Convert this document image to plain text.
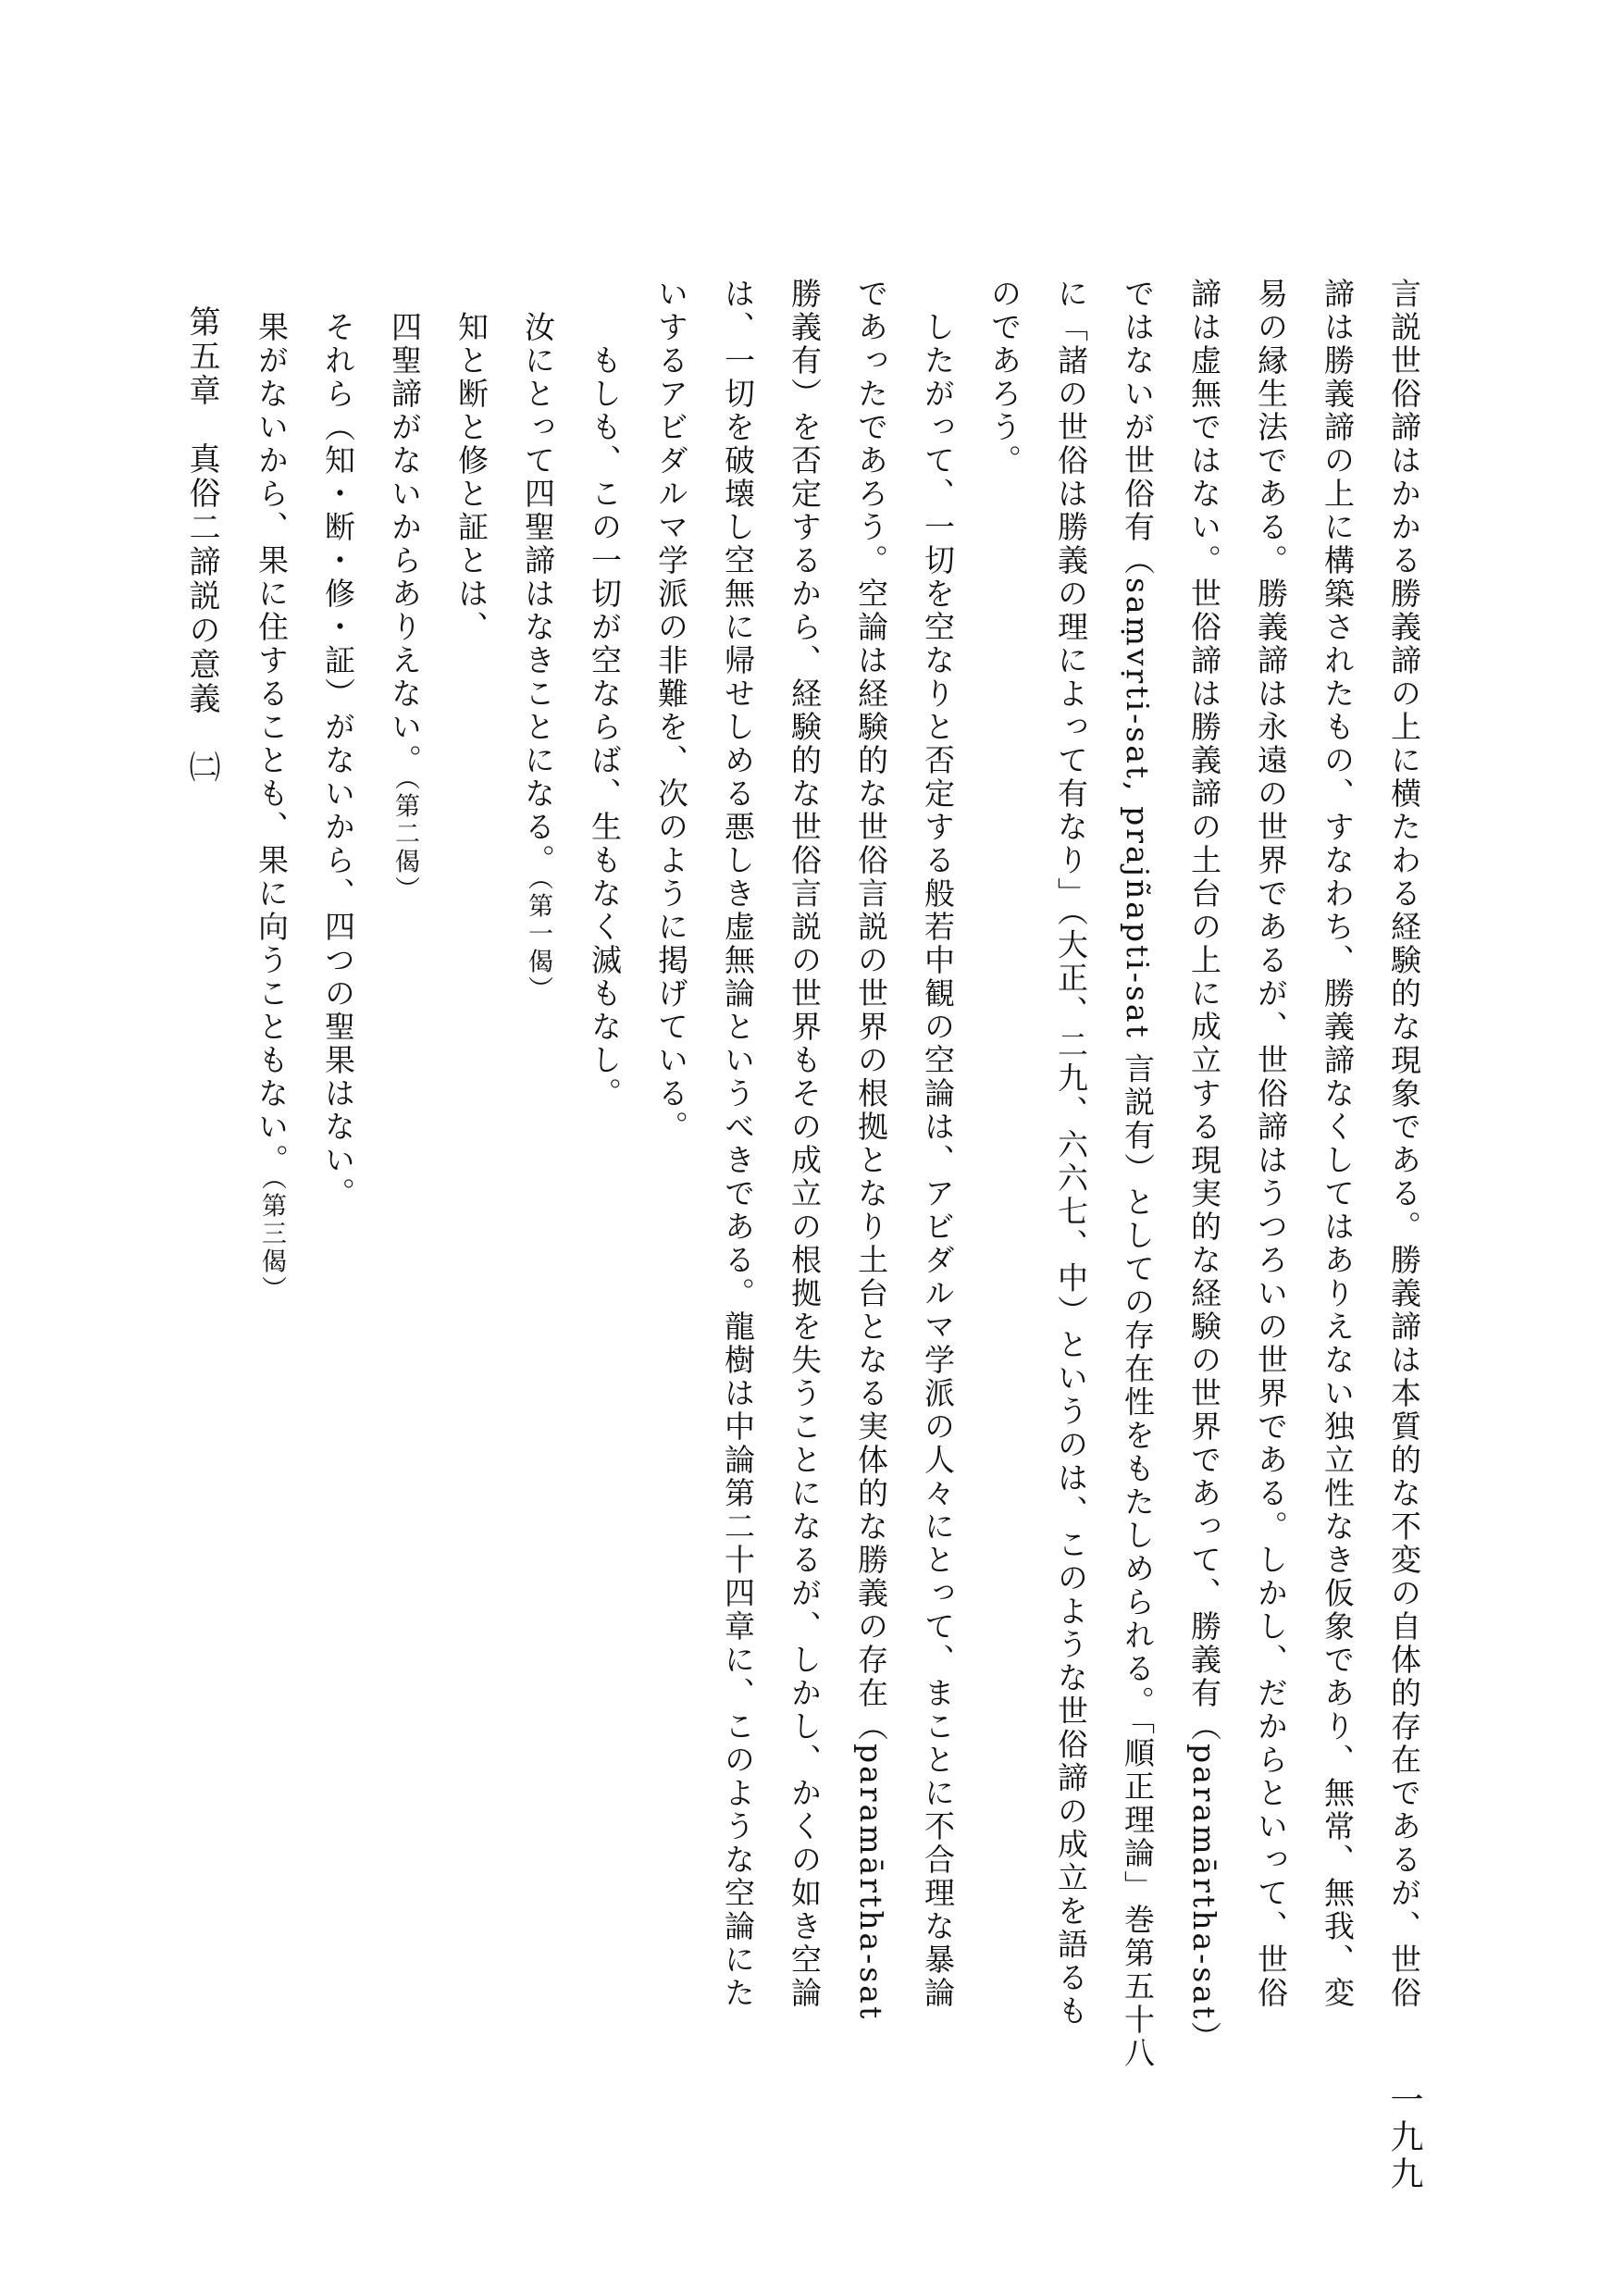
言説世俗諦はかかる勝義諦の上に横たわる経験的な現象である。勝義諦は本質的な不変の自体的存在であるが、世俗
諦は勝義諦の上に構築されたもの、すなわち、勝義諦なくしてはありえない独立性なき仮象であり、無常、無我、変
易の縁生法である。勝義諦は永遠の世界であるが、世俗諦はうつろいの世界である。しかし、だからといって、世俗
諦は虚無ではない。世俗諦は勝義諦の土台の上に成立する現実的な経験の世界であって、勝義有（paramārtha-sat）
ではないが世俗有（saṃvṛti-sat, prajñapti-sat 言説有）としての存在性をもたしめられる。「順正理論」巻第五十八
に「諸の世俗は勝義の理によって有なり」（大正、二九、六六七、中）というのは、このような世俗諦の成立を語るも
のであろう。
したがって、一切を空なりと否定する般若中観の空論は、アビダルマ学派の人々にとって、まことに不合理な暴論
であったであろう。空論は経験的な世俗言説の世界の根拠となり土台となる実体的な勝義の存在（paramārtha-sat
勝義有）を否定するから、経験的な世俗言説の世界もその成立の根拠を失うことになるが、しかし、かくの如き空論
は、一切を破壊し空無に帰せしめる悪しき虚無論というべきである。龍樹は中論第二十四章に、このような空論にた
いするアビダルマ学派の非難を、次のように掲げている。
もしも、この一切が空ならば、生もなく滅もなし。
汝にとって四聖諦はなきことになる。（第一偈）
知と断と修と証とは、
四聖諦がないからありえない。（第二偈）
それら（知・断・修・証）がないから、四つの聖果はない。
果がないから、果に住することも、果に向うこともない。（第三偈）
第五章　真俗二諦説の意義　㈡
一九九
